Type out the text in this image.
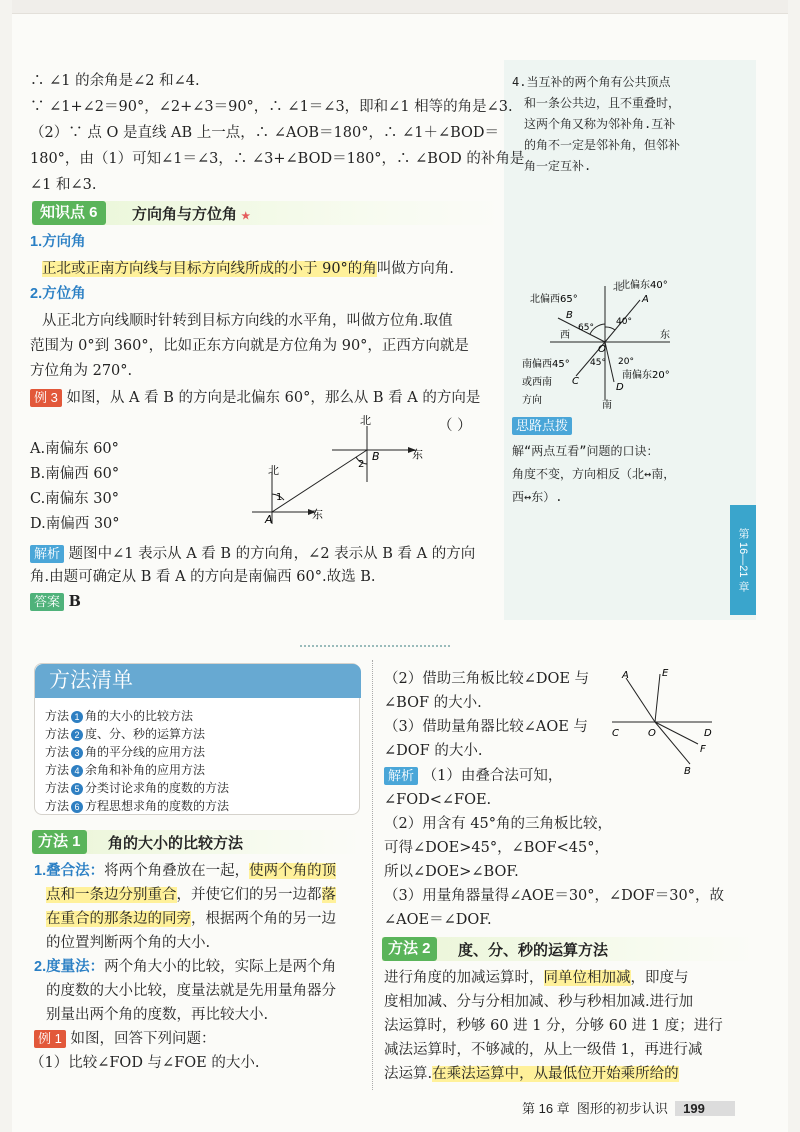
∴ ∠1 的余角是∠2 和∠4.
∵ ∠1+∠2＝90°，∠2+∠3＝90°，∴ ∠1＝∠3，即和∠1 相等的角是∠3.
（2）∵ 点 O 是直线 AB 上一点，∴ ∠AOB＝180°，∴ ∠1＋∠BOD＝
180°，由（1）可知∠1＝∠3，∴ ∠3+∠BOD＝180°，∴ ∠BOD 的补角是
∠1 和∠3.
知识点 6	方向角与方位角 ★
1.方向角
正北或正南方向线与目标方向线所成的小于 90°的角叫做方向角.
2.方位角
从正北方向线顺时针转到目标方向线的水平角，叫做方位角.取值
范围为 0°到 360°，比如正东方向就是方位角为 90°，正西方向就是
方位角为 270°.
例 3 如图，从 A 看 B 的方向是北偏东 60°，那么从 B 看 A 的方向是
（ ）
A.南偏东 60°
B.南偏西 60°
C.南偏东 30°
D.南偏西 30°
北
东
北
东
B
A
1
2
解析 题图中∠1 表示从 A 看 B 的方向角，∠2 表示从 B 看 A 的方向
角.由题可确定从 B 看 A 的方向是南偏西 60°.故选 B.
答案 B
4.当互补的两个角有公共顶点
和一条公共边，且不重叠时，
这两个角又称为邻补角.互补
的角不一定是邻补角，但邻补
角一定互补.
北
南
西	东
O
北偏东40°
北偏西65°
南偏西45°
或西南
方向
南偏东20°
65°
40°
45° 20°
A
B
C
D
思路点拨
解“两点互看”问题的口诀：
角度不变，方向相反（北↔南，
西↔东）.
第 16—21 章
方法清单
方法 1 角的大小的比较方法
方法 2 度、分、秒的运算方法
方法 3 角的平分线的应用方法
方法 4 余角和补角的应用方法
方法 5 分类讨论求角的度数的方法
方法 6 方程思想求角的度数的方法
方法 1	角的大小的比较方法
1.叠合法：将两个角叠放在一起，使两个角的顶
点和一条边分别重合，并使它们的另一边都落
在重合的那条边的同旁，根据两个角的另一边
的位置判断两个角的大小.
2.度量法：两个角大小的比较，实际上是两个角
的度数的大小比较，度量法就是先用量角器分
别量出两个角的度数，再比较大小.
例 1 如图，回答下列问题：
（1）比较∠FOD 与∠FOE 的大小.
（2）借助三角板比较∠DOE 与
∠BOF 的大小.
（3）借助量角器比较∠AOE 与
∠DOF 的大小.
A	E
C	O	D
F
B
解析 （1）由叠合法可知，
∠FOD<∠FOE.
（2）用含有 45°角的三角板比较，
可得∠DOE>45°，∠BOF<45°，
所以∠DOE>∠BOF.
（3）用量角器量得∠AOE＝30°，∠DOF＝30°，故
∠AOE＝∠DOF.
方法 2	度、分、秒的运算方法
进行角度的加减运算时，同单位相加减，即度与
度相加减、分与分相加减、秒与秒相加减.进行加
法运算时，秒够 60 进 1 分，分够 60 进 1 度；进行
减法运算时，不够减的，从上一级借 1，再进行减
法运算.在乘法运算中，从最低位开始乘所给的
第 16 章 图形的初步认识 199
